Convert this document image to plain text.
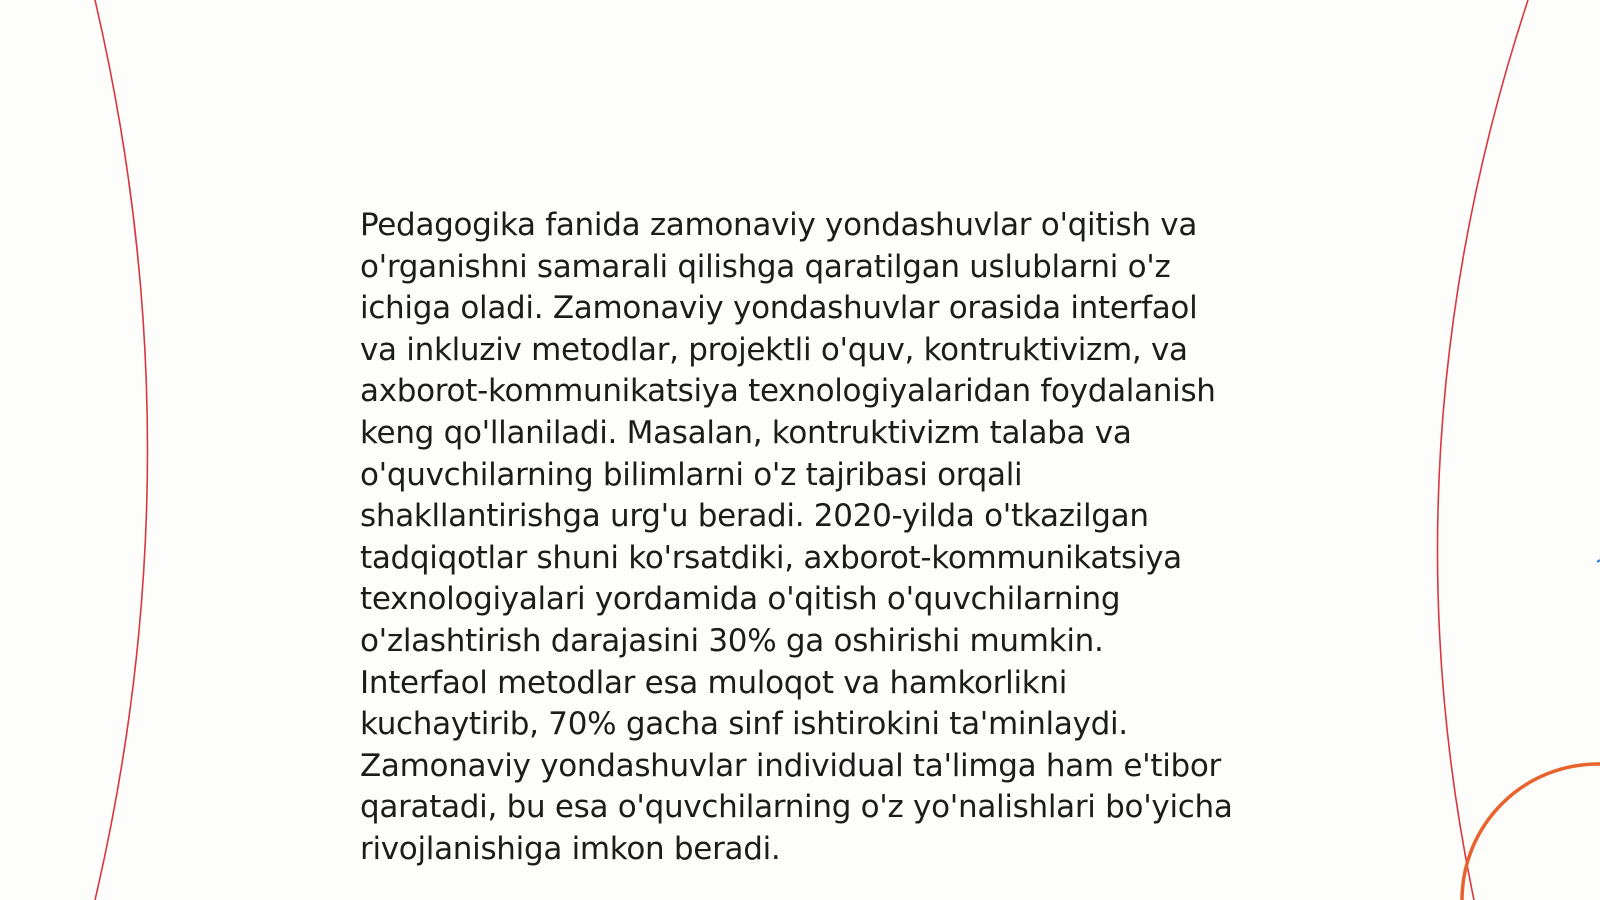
Pedagogika fanida zamonaviy yondashuvlar o'qitish va o'rganishni samarali qilishga qaratilgan uslublarni o'z ichiga oladi. Zamonaviy yondashuvlar orasida interfaol va inkluziv metodlar, projektli o'quv, kontruktivizm, va axborot-kommunikatsiya texnologiyalaridan foydalanish keng qo'llaniladi. Masalan, kontruktivizm talaba va o'quvchilarning bilimlarni o'z tajribasi orqali shakllantirishga urg'u beradi. 2020-yilda o'tkazilgan tadqiqotlar shuni ko'rsatdiki, axborot-kommunikatsiya texnologiyalari yordamida o'qitish o'quvchilarning o'zlashtirish darajasini 30% ga oshirishi mumkin. Interfaol metodlar esa muloqot va hamkorlikni kuchaytirib, 70% gacha sinf ishtirokini ta'minlaydi. Zamonaviy yondashuvlar individual ta'limga ham e'tibor qaratadi, bu esa o'quvchilarning o'z yo'nalishlari bo'yicha rivojlanishiga imkon beradi.
